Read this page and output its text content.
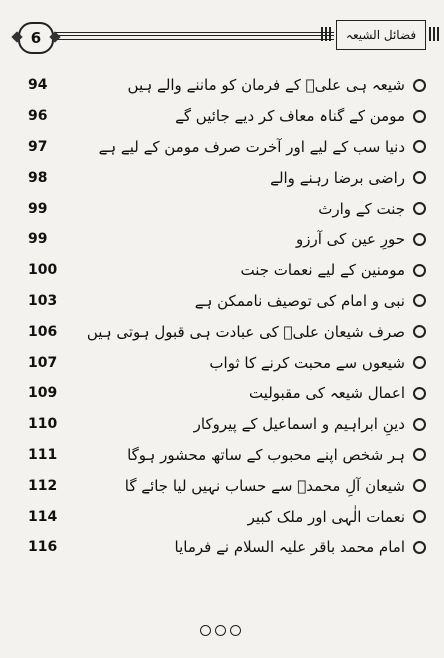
6	فضائل الشیعہ
94	شیعہ ہی علیؑ کے فرمان کو ماننے والے ہیں
96	مومن کے گناہ معاف کر دیے جائیں گے
97	دنیا سب کے لیے اور آخرت صرف مومن کے لیے ہے
98	راضی برضا رہنے والے
99	جنت کے وارث
99	حورِ عین کی آرزو
100	مومنین کے لیے نعمات جنت
103	نبی و امام کی توصیف ناممکن ہے
106	صرف شیعان علیؑ کی عبادت ہی قبول ہوتی ہیں
107	شیعوں سے محبت کرنے کا ثواب
109	اعمال شیعہ کی مقبولیت
110	دینِ ابراہیم و اسماعیل کے پیروکار
111	ہر شخص اپنے محبوب کے ساتھ محشور ہوگا
112	شیعان آلِ محمدؐ سے حساب نہیں لیا جائے گا
114	نعمات الٰہی اور ملک کبیر
116	امام محمد باقر علیہ السلام نے فرمایا
